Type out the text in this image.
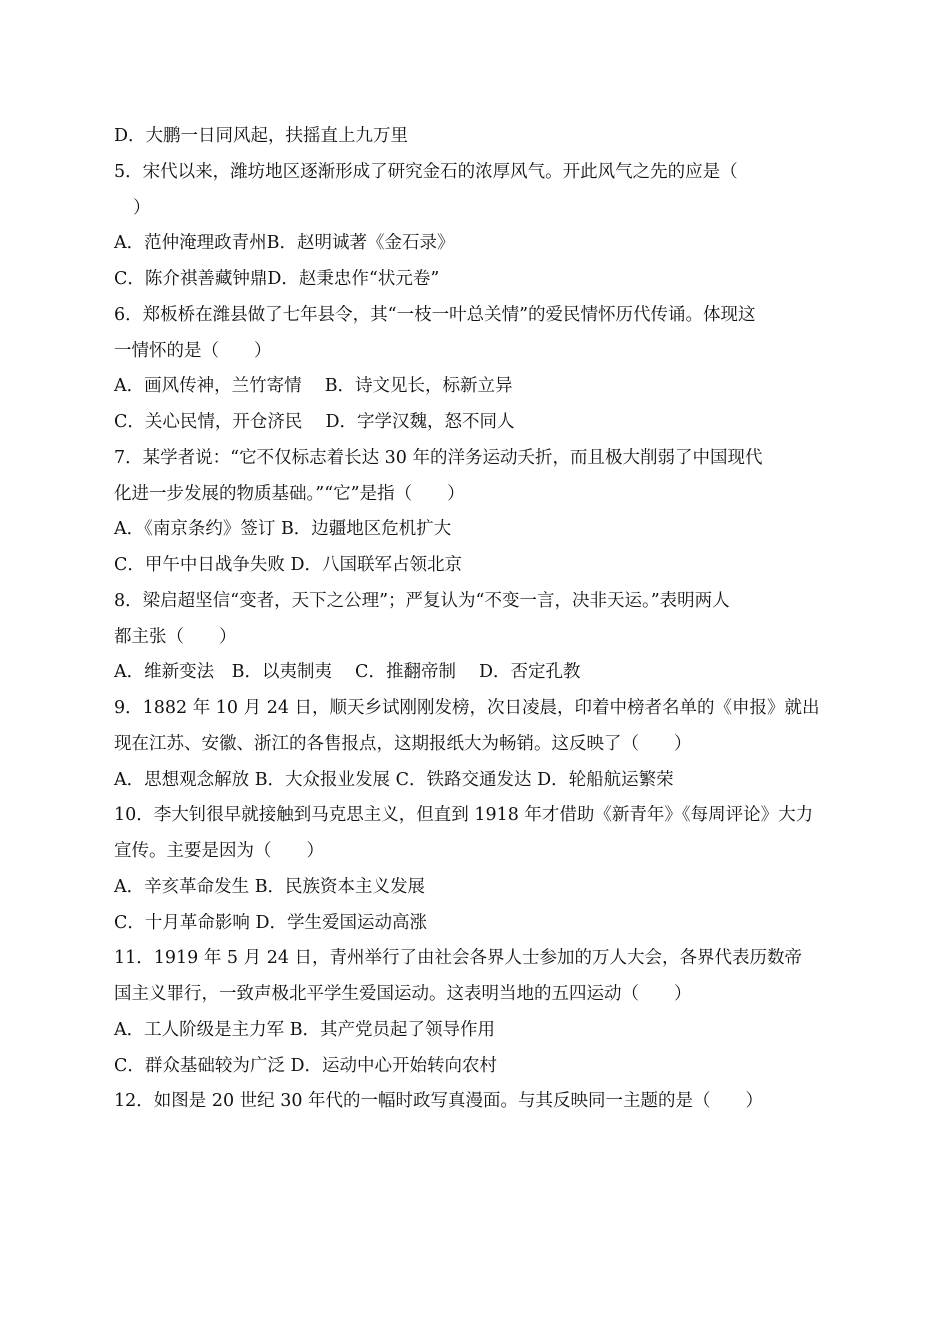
D．大鹏一日同风起，扶摇直上九万里
5．宋代以来，潍坊地区逐渐形成了研究金石的浓厚风气。开此风气之先的应是（
）
A．范仲淹理政青州B．赵明诚著《金石录》
C．陈介祺善藏钟鼎D．赵秉忠作“状元卷”
6．郑板桥在潍县做了七年县令，其“一枝一叶总关情”的爱民情怀历代传诵。体现这
一情怀的是（　　）
A．画风传神，兰竹寄情　 B．诗文见长，标新立异
C．关心民情，开仓济民　 D．字学汉魏，怒不同人
7．某学者说：“它不仅标志着长达 30 年的洋务运动夭折，而且极大削弱了中国现代
化进一步发展的物质基础。”“它”是指（　　）
A．《南京条约》签订 B．边疆地区危机扩大
C．甲午中日战争失败 D．八国联军占领北京
8．梁启超坚信“变者，天下之公理”；严复认为“不变一言，决非天运。”表明两人
都主张（　　）
A．维新变法　B．以夷制夷　 C．推翻帝制　 D．否定孔教
9．1882 年 10 月 24 日，顺天乡试刚刚发榜，次日凌晨，印着中榜者名单的《申报》就出
现在江苏、安徽、浙江的各售报点，这期报纸大为畅销。这反映了（　　）
A．思想观念解放 B．大众报业发展 C．铁路交通发达 D．轮船航运繁荣
10．李大钊很早就接触到马克思主义，但直到 1918 年才借助《新青年》《每周评论》大力
宣传。主要是因为（　　）
A．辛亥革命发生 B．民族资本主义发展
C．十月革命影响 D．学生爱国运动高涨
11．1919 年 5 月 24 日，青州举行了由社会各界人士参加的万人大会，各界代表历数帝
国主义罪行，一致声极北平学生爱国运动。这表明当地的五四运动（　　）
A．工人阶级是主力军 B．其产党员起了领导作用
C．群众基础较为广泛 D．运动中心开始转向农村
12．如图是 20 世纪 30 年代的一幅时政写真漫面。与其反映同一主题的是（　　）
